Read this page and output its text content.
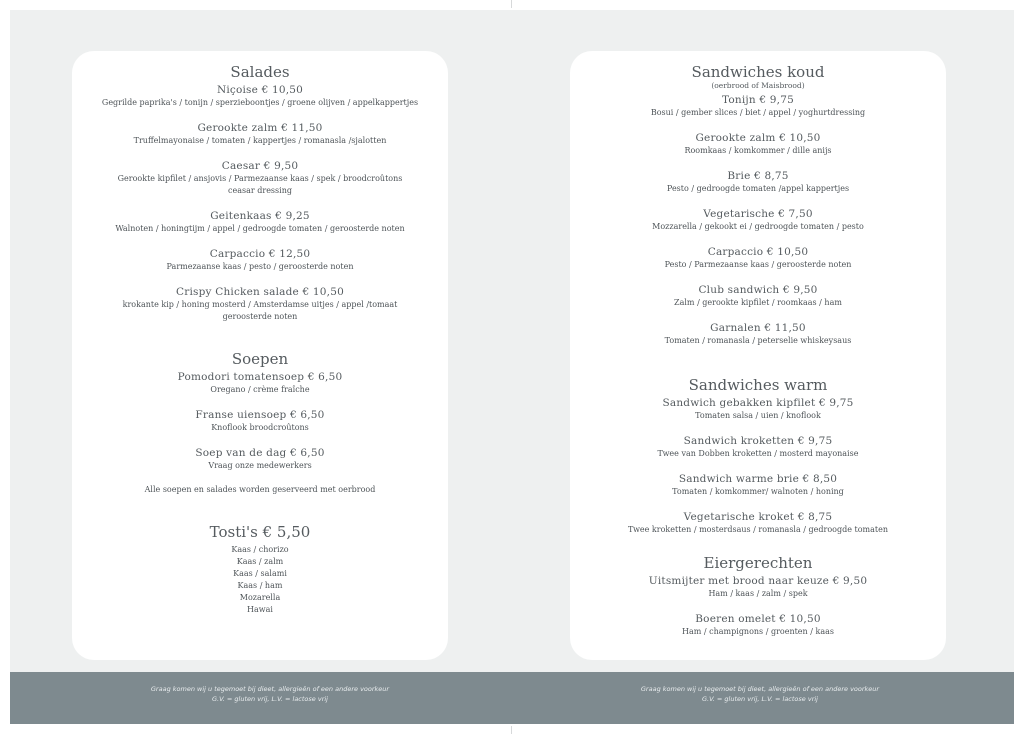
Salades
Niçoise € 10,50
Gegrilde paprika's / tonijn / sperzieboontjes / groene olijven / appelkappertjes
Gerookte zalm € 11,50
Truffelmayonaise / tomaten / kappertjes / romanasla /sjalotten
Caesar € 9,50
Gerookte kipfilet / ansjovis / Parmezaanse kaas / spek / broodcroûtons
ceasar dressing
Geitenkaas € 9,25
Walnoten / honingtijm / appel / gedroogde tomaten / geroosterde noten
Carpaccio € 12,50
Parmezaanse kaas / pesto / geroosterde noten
Crispy Chicken salade € 10,50
krokante kip / honing mosterd / Amsterdamse uitjes / appel /tomaat
geroosterde noten
Soepen
Pomodori tomatensoep € 6,50
Oregano / crème fraîche
Franse uiensoep € 6,50
Knoflook broodcroûtons
Soep van de dag € 6,50
Vraag onze medewerkers
Alle soepen en salades worden geserveerd met oerbrood
Tosti's € 5,50
Kaas / chorizo
Kaas / zalm
Kaas / salami
Kaas / ham
Mozarella
Hawai
Sandwiches koud
(oerbrood of Maisbrood)
Tonijn € 9,75
Bosui / gember slices / biet / appel / yoghurtdressing
Gerookte zalm € 10,50
Roomkaas / komkommer / dille anijs
Brie € 8,75
Pesto / gedroogde tomaten /appel kappertjes
Vegetarische € 7,50
Mozzarella / gekookt ei / gedroogde tomaten / pesto
Carpaccio € 10,50
Pesto / Parmezaanse kaas / geroosterde noten
Club sandwich € 9,50
Zalm / gerookte kipfilet / roomkaas / ham
Garnalen € 11,50
Tomaten / romanasla / peterselie whiskeysaus
Sandwiches warm
Sandwich gebakken kipfilet € 9,75
Tomaten salsa / uien / knoflook
Sandwich kroketten € 9,75
Twee van Dobben kroketten / mosterd mayonaise
Sandwich warme brie € 8,50
Tomaten / komkommer/ walnoten / honing
Vegetarische kroket € 8,75
Twee kroketten / mosterdsaus / romanasla / gedroogde tomaten
Eiergerechten
Uitsmijter met brood naar keuze € 9,50
Ham / kaas / zalm / spek
Boeren omelet € 10,50
Ham / champignons / groenten / kaas
Graag komen wij u tegemoet bij dieet, allergieën of een andere voorkeur
G.V. = gluten vrij, L.V. = lactose vrij
Graag komen wij u tegemoet bij dieet, allergieën of een andere voorkeur
G.V. = gluten vrij, L.V. = lactose vrij
